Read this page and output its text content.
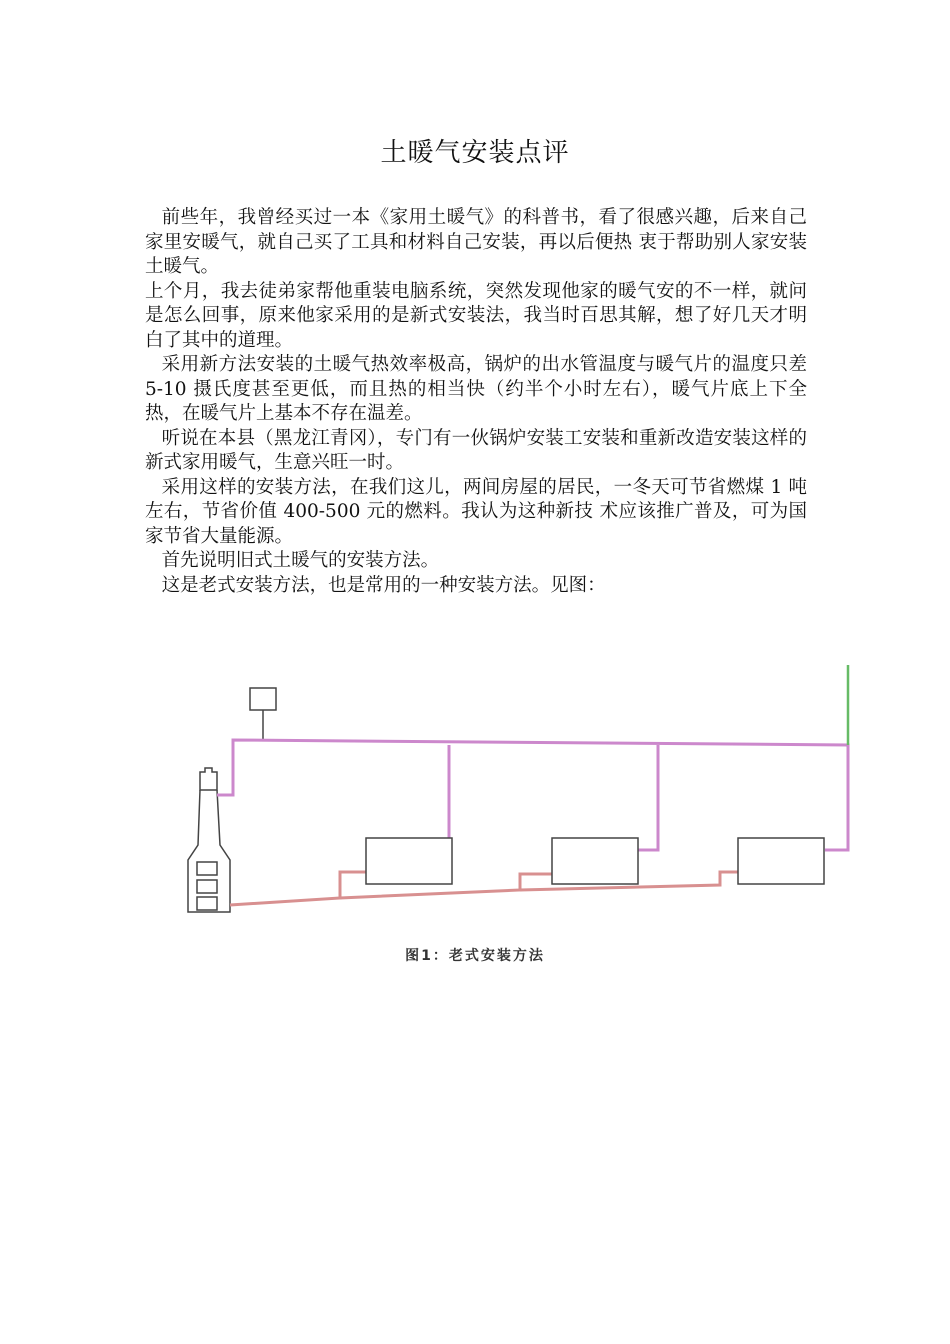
土暖气安装点评

前些年，我曾经买过一本《家用土暖气》的科普书，看了很感兴趣，后来自己家里安暖气，就自己买了工具和材料自己安装，再以后便热 衷于帮助别人家安装土暖气。

上个月，我去徒弟家帮他重装电脑系统，突然发现他家的暖气安的不一样，就问是怎么回事，原来他家采用的是新式安装法，我当时百思其解，想了好几天才明白了其中的道理。

采用新方法安装的土暖气热效率极高，锅炉的出水管温度与暖气片的温度只差 5-10 摄氏度甚至更低，而且热的相当快（约半个小时左右），暖气片底上下全热，在暖气片上基本不存在温差。

听说在本县（黑龙江青冈），专门有一伙锅炉安装工安装和重新改造安装这样的新式家用暖气，生意兴旺一时。

采用这样的安装方法，在我们这儿，两间房屋的居民，一冬天可节省燃煤 1 吨左右，节省价值 400-500 元的燃料。我认为这种新技 术应该推广普及，可为国家节省大量能源。

首先说明旧式土暖气的安装方法。

这是老式安装方法，也是常用的一种安装方法。见图：

图1：老式安装方法
